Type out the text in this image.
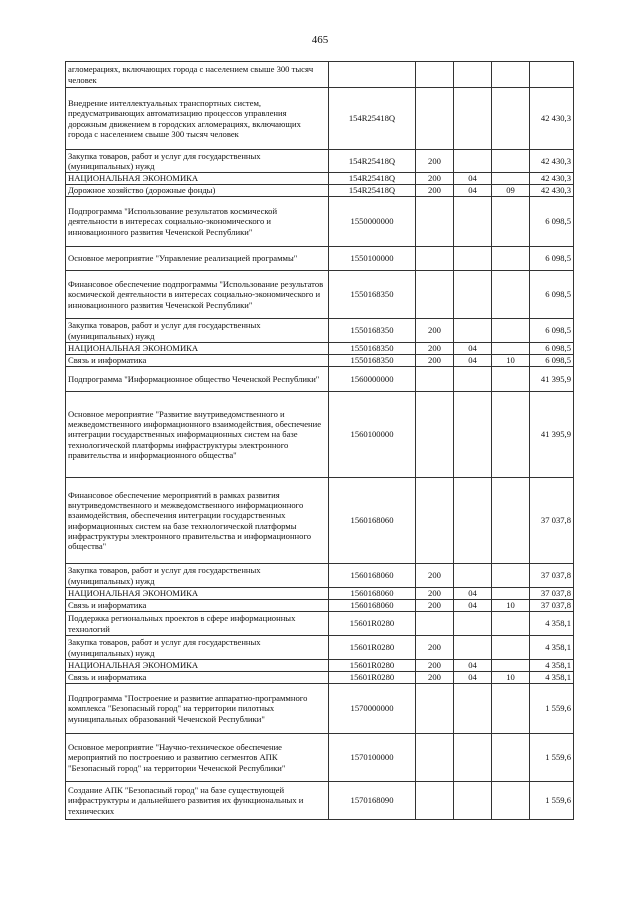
465
агломерациях, включающих города с населением свыше 300 тысяч человек					
Внедрение интеллектуальных транспортных систем, предусматривающих автоматизацию процессов управления дорожным движением в городских агломерациях, включающих города с населением свыше 300 тысяч человек	154R25418Q				42 430,3
Закупка товаров, работ и услуг для государственных (муниципальных) нужд	154R25418Q	200			42 430,3
НАЦИОНАЛЬНАЯ ЭКОНОМИКА	154R25418Q	200	04		42 430,3
Дорожное хозяйство (дорожные фонды)	154R25418Q	200	04	09	42 430,3
Подпрограмма "Использование результатов космической деятельности в интересах социально-экономического и инновационного развития Чеченской Республики"	1550000000				6 098,5
Основное мероприятие "Управление реализацией программы"	1550100000				6 098,5
Финансовое обеспечение подпрограммы "Использование результатов космической деятельности в интересах социально-экономического и инновационного развития Чеченской Республики"	1550168350				6 098,5
Закупка товаров, работ и услуг для государственных (муниципальных) нужд	1550168350	200			6 098,5
НАЦИОНАЛЬНАЯ ЭКОНОМИКА	1550168350	200	04		6 098,5
Связь и информатика	1550168350	200	04	10	6 098,5
Подпрограмма "Информационное общество Чеченской Республики"	1560000000				41 395,9
Основное мероприятие "Развитие внутриведомственного и межведомственного информационного взаимодействия, обеспечение интеграции государственных информационных систем на базе технологической платформы инфраструктуры электронного правительства и информационного общества"	1560100000				41 395,9
Финансовое обеспечение мероприятий в рамках развития внутриведомственного и межведомственного информационного взаимодействия, обеспечения интеграции государственных информационных систем на базе технологической платформы инфраструктуры электронного правительства и информационного общества"	1560168060				37 037,8
Закупка товаров, работ и услуг для государственных (муниципальных) нужд	1560168060	200			37 037,8
НАЦИОНАЛЬНАЯ ЭКОНОМИКА	1560168060	200	04		37 037,8
Связь и информатика	1560168060	200	04	10	37 037,8
Поддержка региональных проектов в сфере информационных технологий	15601R0280				4 358,1
Закупка товаров, работ и услуг для государственных (муниципальных) нужд	15601R0280	200			4 358,1
НАЦИОНАЛЬНАЯ ЭКОНОМИКА	15601R0280	200	04		4 358,1
Связь и информатика	15601R0280	200	04	10	4 358,1
Подпрограмма "Построение и развитие аппаратно-программного комплекса "Безопасный город" на территории пилотных муниципальных образований Чеченской Республики"	1570000000				1 559,6
Основное мероприятие "Научно-техническое обеспечение мероприятий по построению и развитию сегментов АПК "Безопасный город" на территории Чеченской Республики"	1570100000				1 559,6
Создание АПК "Безопасный город" на базе существующей инфраструктуры и дальнейшего развития их функциональных и технических	1570168090				1 559,6
